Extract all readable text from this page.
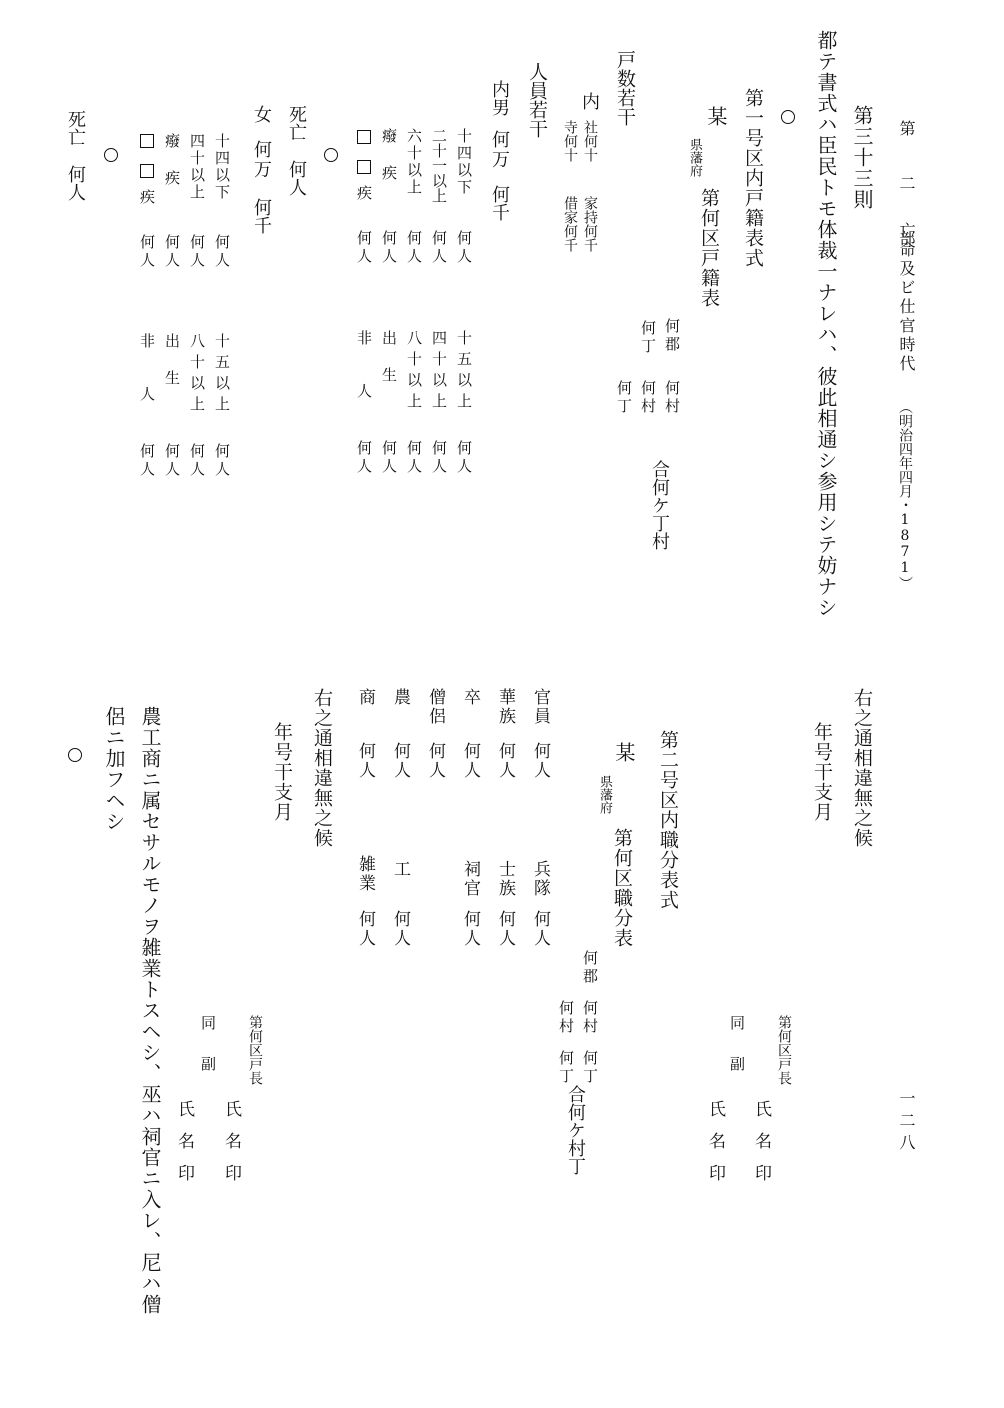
第 二 部
亡命及ビ仕官時代
（明治四年四月・1871）
一二八
第三十三則
都テ書式ハ臣民トモ体裁一ナレハ、彼此相通シ参用シテ妨ナシ
第一号区内戸籍表式
某
県藩府
第何区戸籍表
何郡
何村
何村
何丁
何丁
合何ケ丁村
戸数若干
内
社何十
寺何十
家持何千
借家何千
人員若干
内男
何万
何千
十四以下
何人
十五以上
何人
二十一以上
何人
四十以上
何人
六十以上
何人
八十以上
何人
癈疾
何人
出生
何人
疾
何人
非人
何人
死亡
何人
女
何万
何千
十四以下
何人
十五以上
何人
四十以上
何人
八十以上
何人
癈疾
何人
出生
何人
疾
何人
非人
何人
死亡
何人
右之通相違無之候
年号干支月
第何区戸長
氏名印
同副
氏名印
第二号区内職分表式
某
県藩府
第何区職分表
何郡
何村
何村
何丁 何丁
合何ケ村丁
官員
何人
兵隊
何人
華族
何人
士族
何人
卒
何人
僧侶
何人
祠官
何人
農
何人
工
何人
商
何人
雑業
何人
右之通相違無之候
年号干支月
第何区戸長
氏名印
同副
氏名印
農工商ニ属セサルモノヲ雑業トスヘシ、巫ハ祠官ニ入レ、尼ハ僧
侶ニ加フヘシ
